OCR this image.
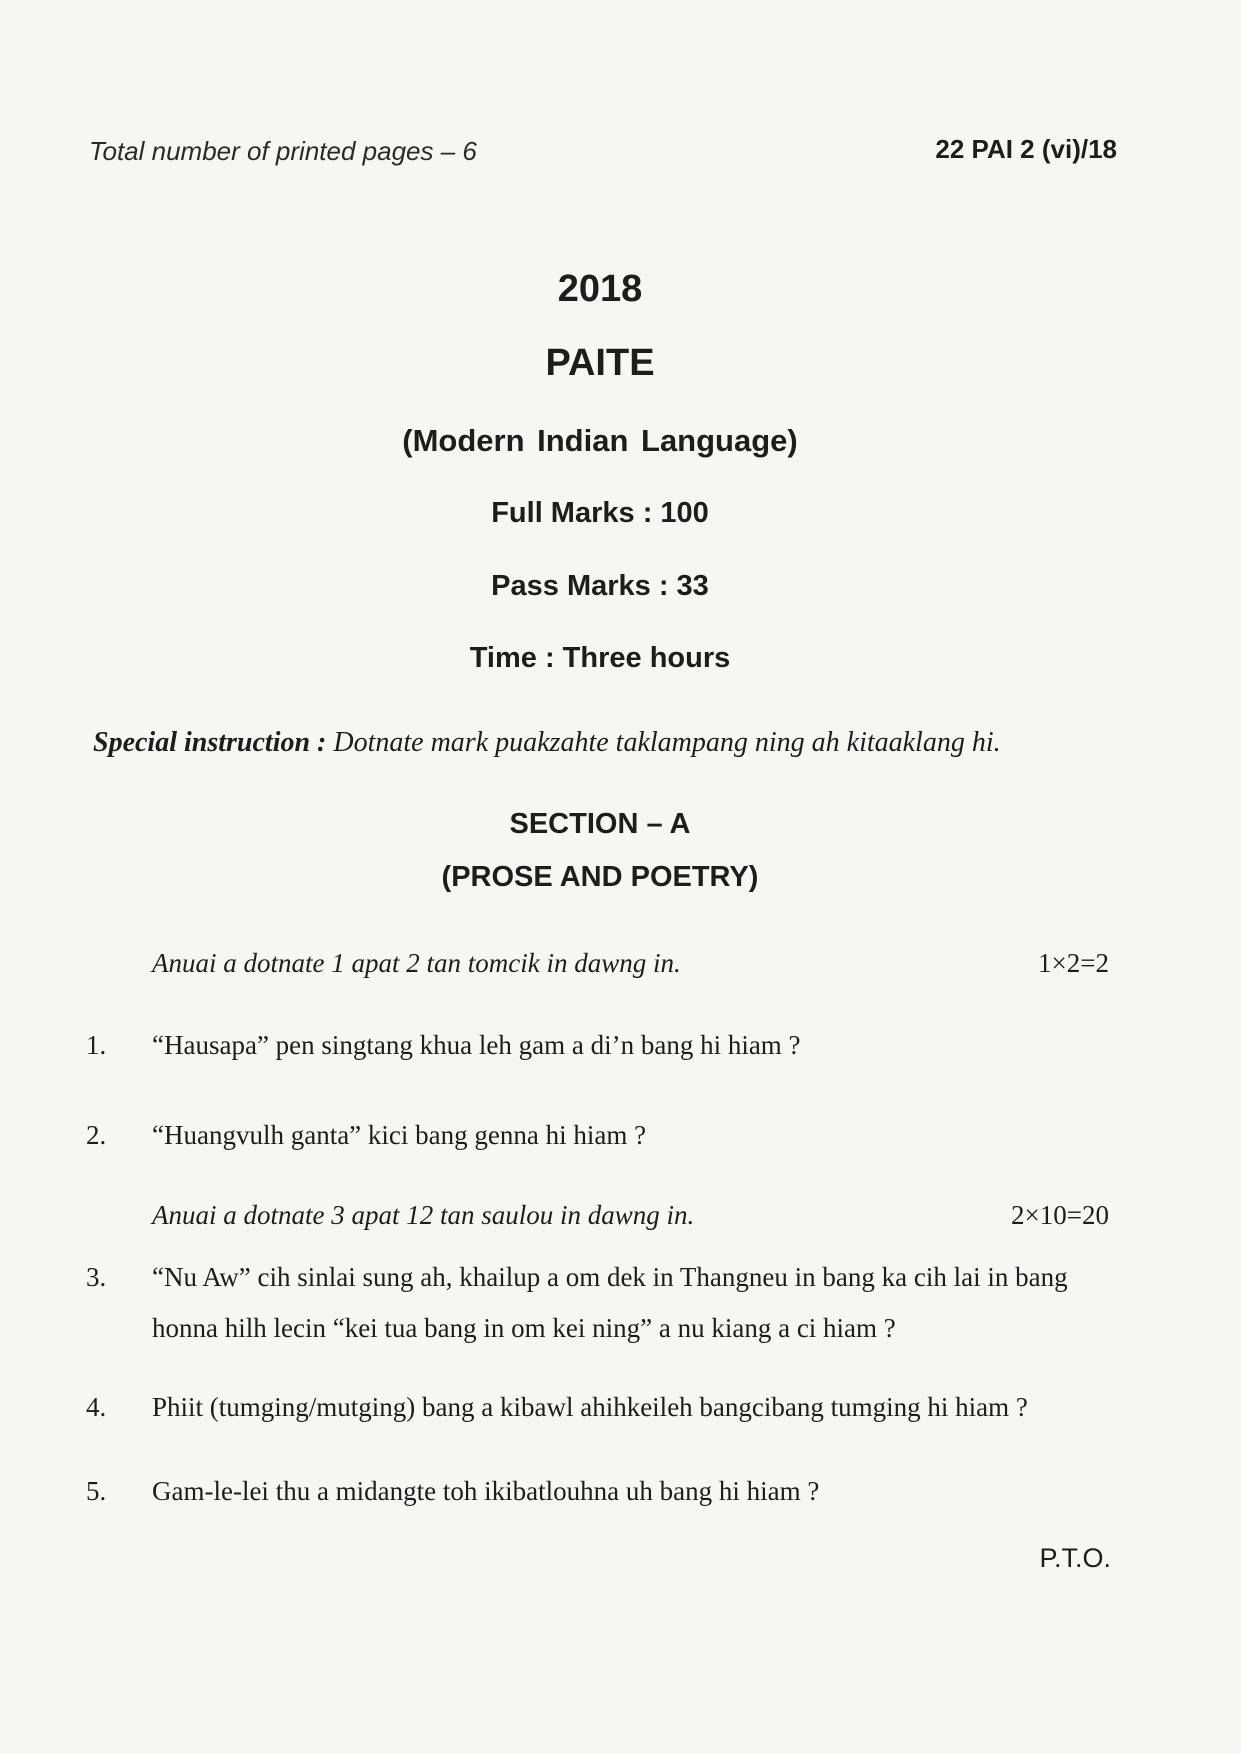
Total number of printed pages – 6	22 PAI 2 (vi)/18
2018
PAITE
(Modern Indian Language)
Full Marks : 100
Pass Marks : 33
Time : Three hours
Special instruction : Dotnate mark puakzahte taklampang ning ah kitaaklang hi.
SECTION – A
(PROSE AND POETRY)
Anuai a dotnate 1 apat 2 tan tomcik in dawng in.	1×2=2
1. “Hausapa” pen singtang khua leh gam a di’n bang hi hiam ?
2. “Huangvulh ganta” kici bang genna hi hiam ?
Anuai a dotnate 3 apat 12 tan saulou in dawng in.	2×10=20
3. “Nu Aw” cih sinlai sung ah, khailup a om dek in Thangneu in bang ka cih lai in bang
honna hilh lecin “kei tua bang in om kei ning” a nu kiang a ci hiam ?
4. Phiit (tumging/mutging) bang a kibawl ahihkeileh bangcibang tumging hi hiam ?
5. Gam-le-lei thu a midangte toh ikibatlouhna uh bang hi hiam ?
P.T.O.
